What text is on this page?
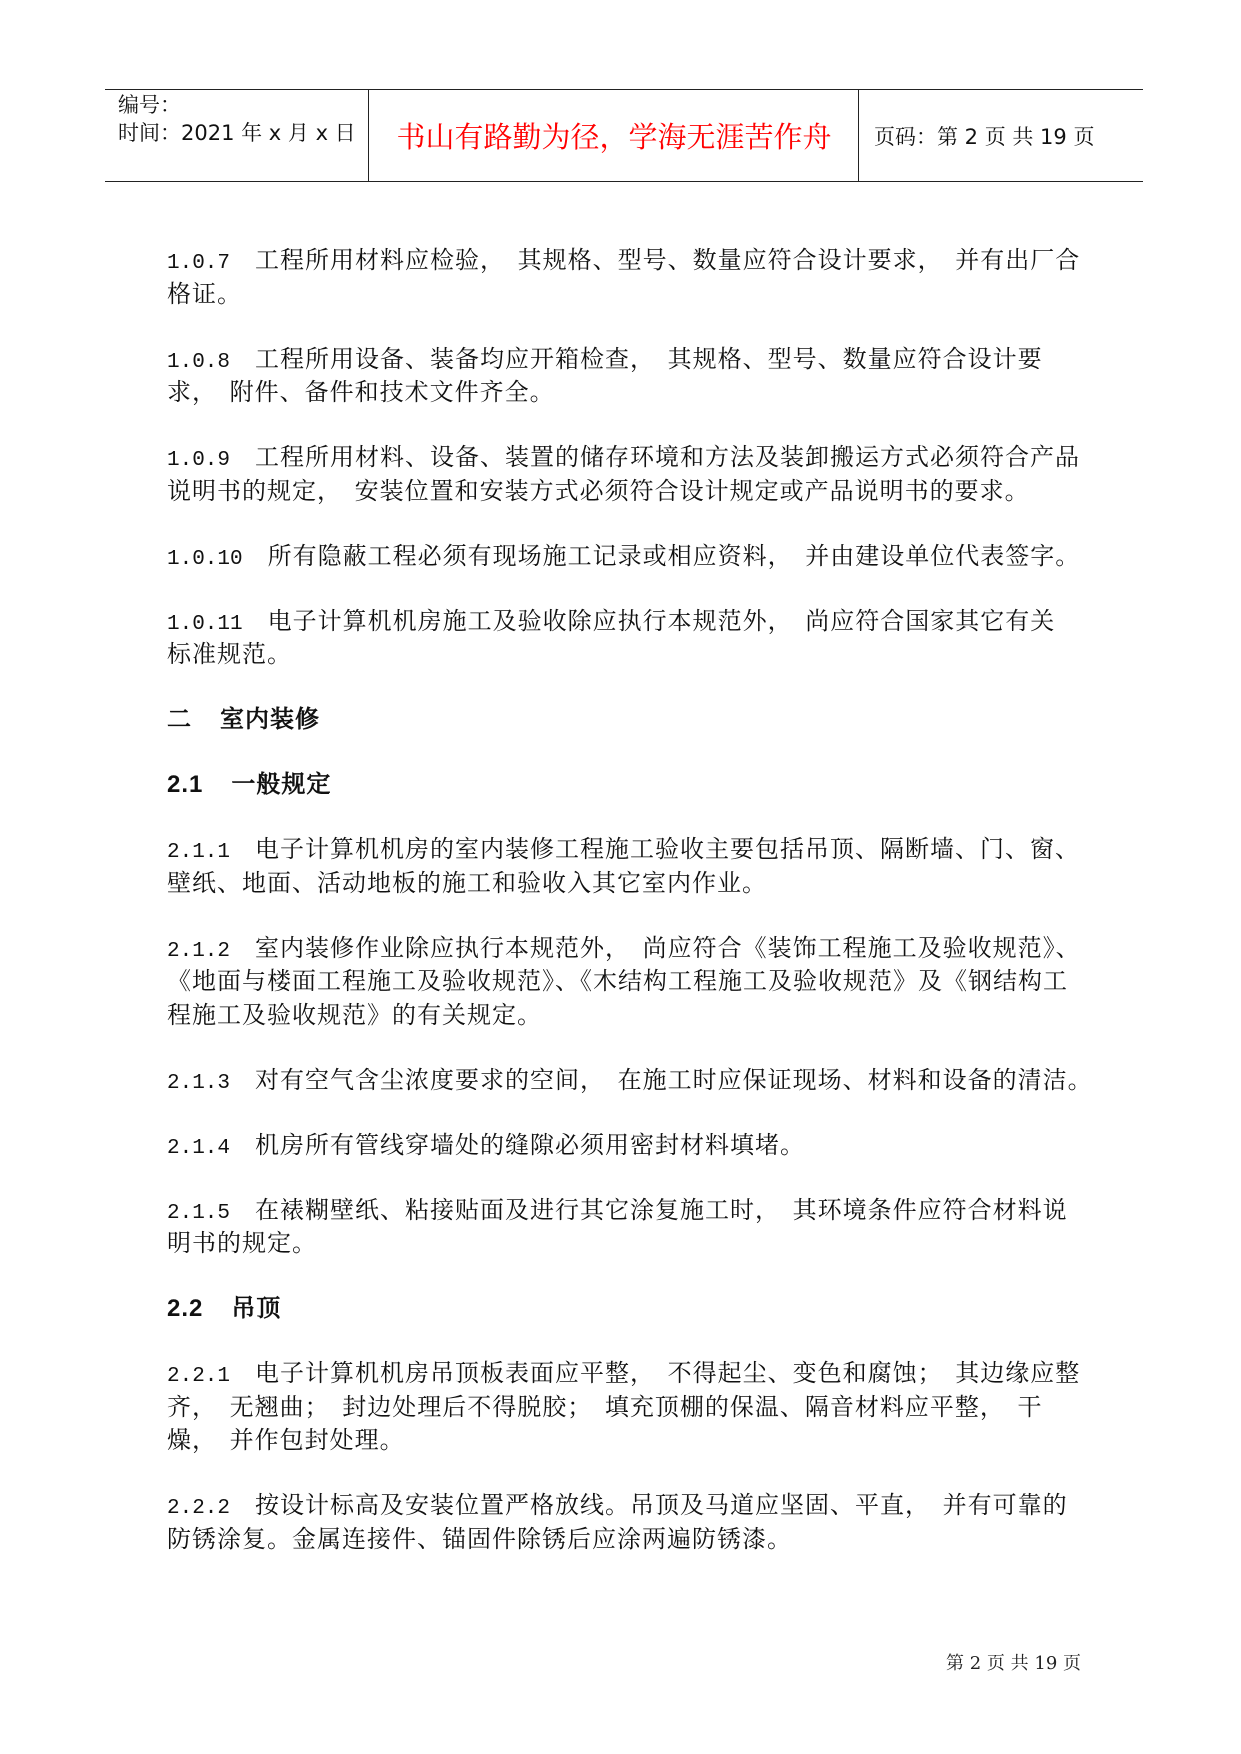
编号：
时间：2021 年 x 月 x 日	书山有路勤为径，学海无涯苦作舟	页码：第 2 页 共 19 页
1.0.7 工程所用材料应检验， 其规格、型号、数量应符合设计要求， 并有出厂合
格证。
1.0.8 工程所用设备、装备均应开箱检查， 其规格、型号、数量应符合设计要
求， 附件、备件和技术文件齐全。
1.0.9 工程所用材料、设备、装置的储存环境和方法及装卸搬运方式必须符合产品
说明书的规定， 安装位置和安装方式必须符合设计规定或产品说明书的要求。
1.0.10 所有隐蔽工程必须有现场施工记录或相应资料， 并由建设单位代表签字。
1.0.11 电子计算机机房施工及验收除应执行本规范外， 尚应符合国家其它有关
标准规范。
二 室内装修
2.1 一般规定
2.1.1 电子计算机机房的室内装修工程施工验收主要包括吊顶、隔断墙、门、窗、
壁纸、地面、活动地板的施工和验收入其它室内作业。
2.1.2 室内装修作业除应执行本规范外， 尚应符合《装饰工程施工及验收规范》、
《地面与楼面工程施工及验收规范》、《木结构工程施工及验收规范》及《钢结构工
程施工及验收规范》的有关规定。
2.1.3 对有空气含尘浓度要求的空间， 在施工时应保证现场、材料和设备的清洁。
2.1.4 机房所有管线穿墙处的缝隙必须用密封材料填堵。
2.1.5 在裱糊壁纸、粘接贴面及进行其它涂复施工时， 其环境条件应符合材料说
明书的规定。
2.2 吊顶
2.2.1 电子计算机机房吊顶板表面应平整， 不得起尘、变色和腐蚀； 其边缘应整
齐， 无翘曲； 封边处理后不得脱胶； 填充顶棚的保温、隔音材料应平整， 干
燥， 并作包封处理。
2.2.2 按设计标高及安装位置严格放线。吊顶及马道应坚固、平直， 并有可靠的
防锈涂复。金属连接件、锚固件除锈后应涂两遍防锈漆。
第 2 页 共 19 页
